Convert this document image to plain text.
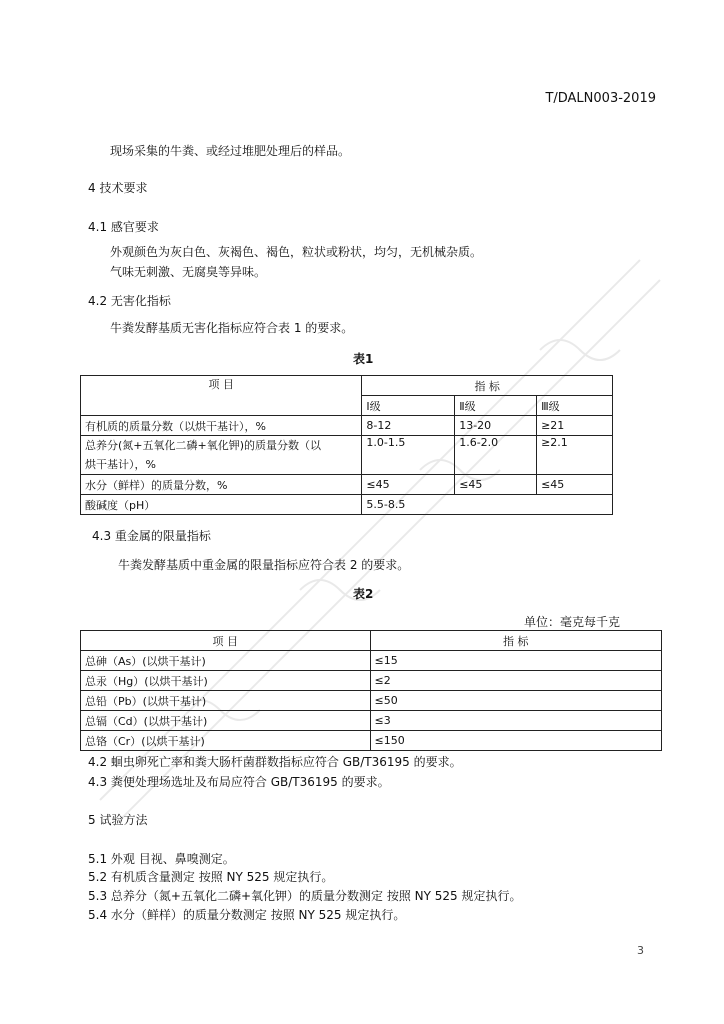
T/DALN003-2019
现场采集的牛粪、或经过堆肥处理后的样品。
4 技术要求
4.1 感官要求
外观颜色为灰白色、灰褐色、褐色，粒状或粉状，均匀，无机械杂质。
气味无刺激、无腐臭等异味。
4.2 无害化指标
牛粪发酵基质无害化指标应符合表 1 的要求。
表1
项 目	指 标		
	Ⅰ级	Ⅱ级	Ⅲ级
有机质的质量分数（以烘干基计），%	8-12	13-20	≥21
总养分(氮+五氧化二磷+氧化钾)的质量分数（以
烘干基计），%	1.0-1.5	1.6-2.0	≥2.1
水分（鲜样）的质量分数，%	≤45	≤45	≤45
酸碱度（pH）	5.5-8.5		
4.3 重金属的限量指标
牛粪发酵基质中重金属的限量指标应符合表 2 的要求。
表2
单位：毫克每千克
项 目	指 标
总砷（As）(以烘干基计)	≤15
总汞（Hg）(以烘干基计)	≤2
总铅（Pb）(以烘干基计)	≤50
总镉（Cd）(以烘干基计)	≤3
总铬（Cr）(以烘干基计)	≤150
4.2 蛔虫卵死亡率和粪大肠杆菌群数指标应符合 GB/T36195 的要求。
4.3 粪便处理场选址及布局应符合 GB/T36195 的要求。
5 试验方法
5.1 外观 目视、鼻嗅测定。
5.2 有机质含量测定 按照 NY 525 规定执行。
5.3 总养分（氮+五氧化二磷+氧化钾）的质量分数测定 按照 NY 525 规定执行。
5.4 水分（鲜样）的质量分数测定 按照 NY 525 规定执行。
3
